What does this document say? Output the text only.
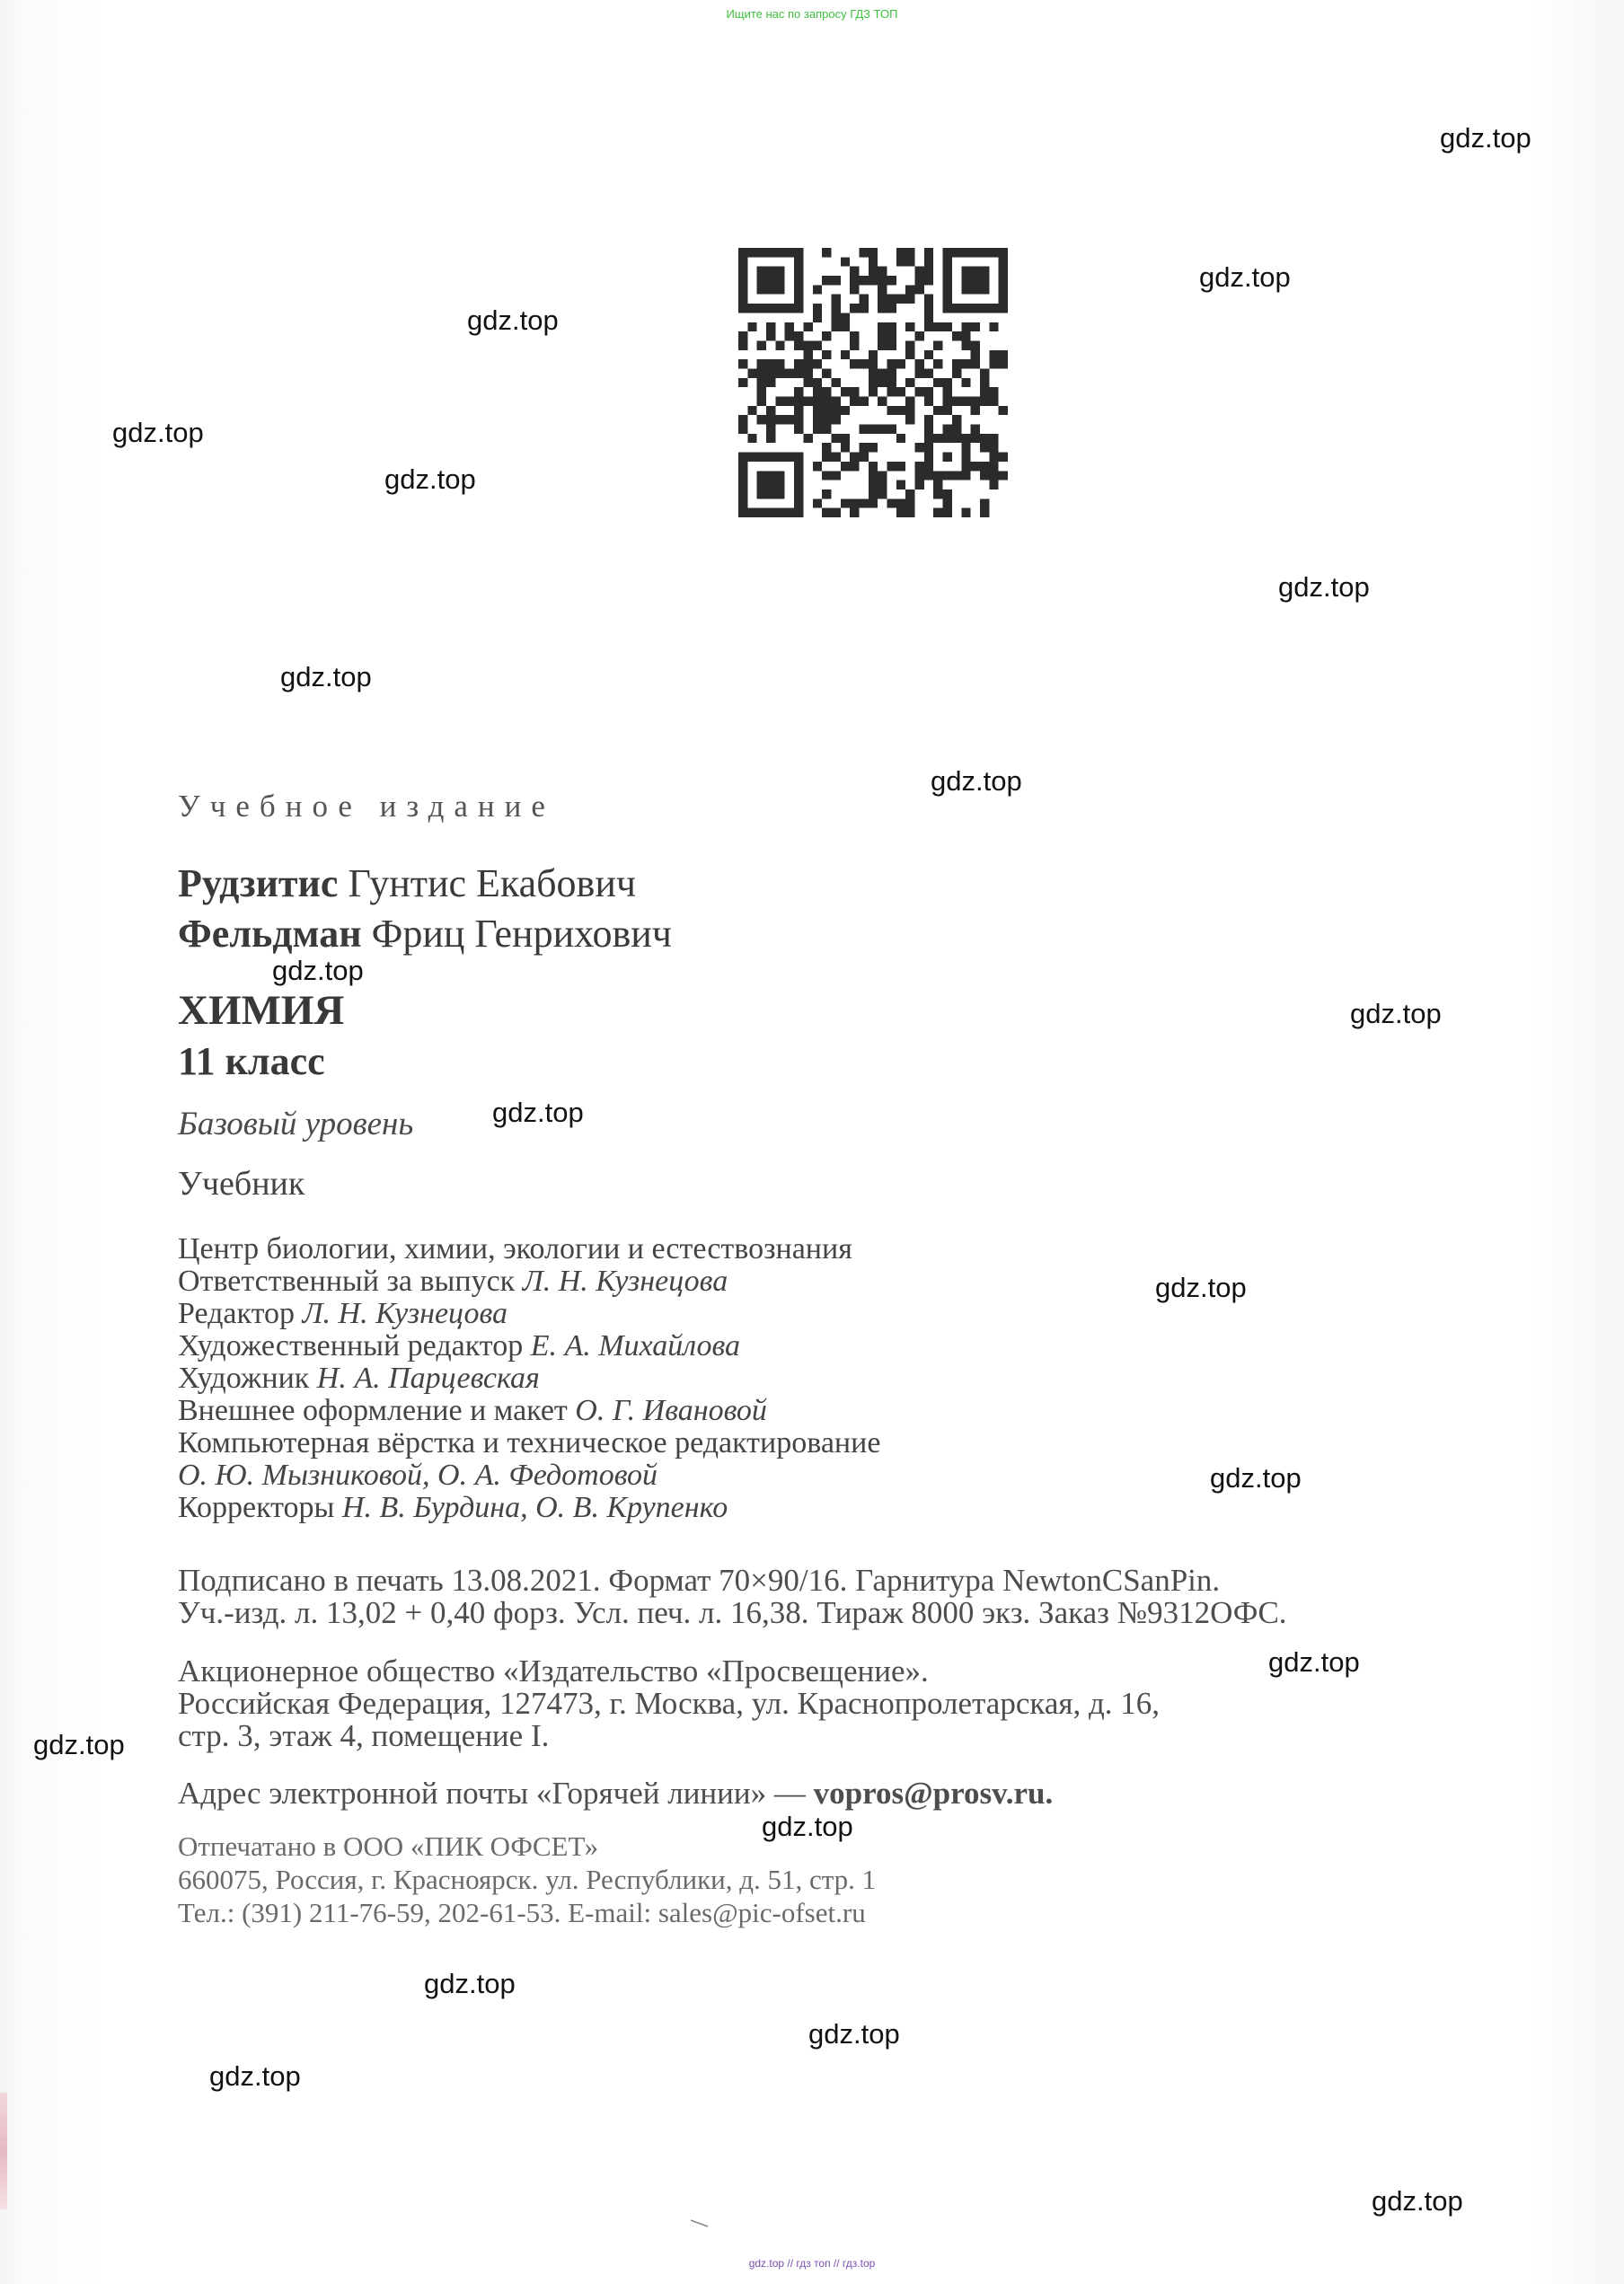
Ищите нас по запросу ГДЗ ТОП
gdz.top
gdz.top
gdz.top
gdz.top
gdz.top
gdz.top
gdz.top
gdz.top
gdz.top
gdz.top
gdz.top
gdz.top
gdz.top
gdz.top
gdz.top
gdz.top
gdz.top
gdz.top
gdz.top
gdz.top
Учебное издание
Рудзитис Гунтис Екабович
Фельдман Фриц Генрихович
ХИМИЯ
11 класс
Базовый уровень
Учебник
Центр биологии, химии, экологии и естествознания
Ответственный за выпуск Л. Н. Кузнецова
Редактор Л. Н. Кузнецова
Художественный редактор Е. А. Михайлова
Художник Н. А. Парцевская
Внешнее оформление и макет О. Г. Ивановой
Компьютерная вёрстка и техническое редактирование
О. Ю. Мызниковой, О. А. Федотовой
Корректоры Н. В. Бурдина, О. В. Крупенко
Подписано в печать 13.08.2021. Формат 70×90/16. Гарнитура NewtonCSanPin.
Уч.-изд. л. 13,02 + 0,40 форз. Усл. печ. л. 16,38. Тираж 8000 экз. Заказ №9312ОФС.
Акционерное общество «Издательство «Просвещение».
Российская Федерация, 127473, г. Москва, ул. Краснопролетарская, д. 16,
стр. 3, этаж 4, помещение I.
Адрес электронной почты «Горячей линии» — vopros@prosv.ru.
Отпечатано в ООО «ПИК ОФСЕТ»
660075, Россия, г. Красноярск. ул. Республики, д. 51, стр. 1
Тел.: (391) 211-76-59, 202-61-53. E-mail: sales@pic-ofset.ru
gdz.top // гдз топ // гдз.top
